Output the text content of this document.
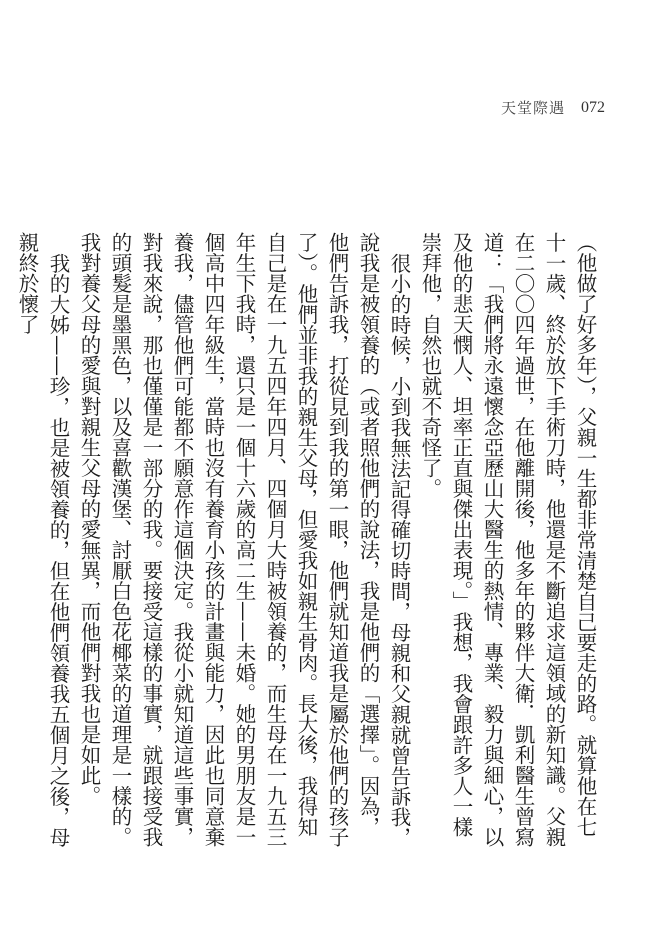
天堂際遇 072

（他做了好多年），父親一生都非常清楚自己要走的路。就算他在七十一歲、終於放下手術刀時，他還是不斷追求這領域的新知識。父親在二〇〇四年過世，在他離開後，他多年的夥伴大衛．凱利醫生曾寫道：「我們將永遠懷念亞歷山大醫生的熱情、專業、毅力與細心，以及他的悲天憫人、坦率正直與傑出表現。」我想，我會跟許多人一樣崇拜他，自然也就不奇怪了。

很小的時候，小到我無法記得確切時間，母親和父親就曾告訴我，說我是被領養的（或者照他們的說法，我是他們的「選擇」。因為，他們告訴我，打從見到我的第一眼，他們就知道我是屬於他們的孩子了）。他們並非我的親生父母，但愛我如親生骨肉。長大後，我得知自己是在一九五四年四月、四個月大時被領養的，而生母在一九五三年生下我時，還只是一個十六歲的高二生——未婚。她的男朋友是一個高中四年級生，當時也沒有養育小孩的計畫與能力，因此也同意棄養我，儘管他們可能都不願意作這個決定。我從小就知道這些事實，對我來說，那也僅僅是一部分的我。要接受這樣的事實，就跟接受我的頭髮是墨黑色，以及喜歡漢堡、討厭白色花椰菜的道理是一樣的。我對養父母的愛與對親生父母的愛無異，而他們對我也是如此。

我的大姊——珍，也是被領養的，但在他們領養我五個月之後，母親終於懷了
